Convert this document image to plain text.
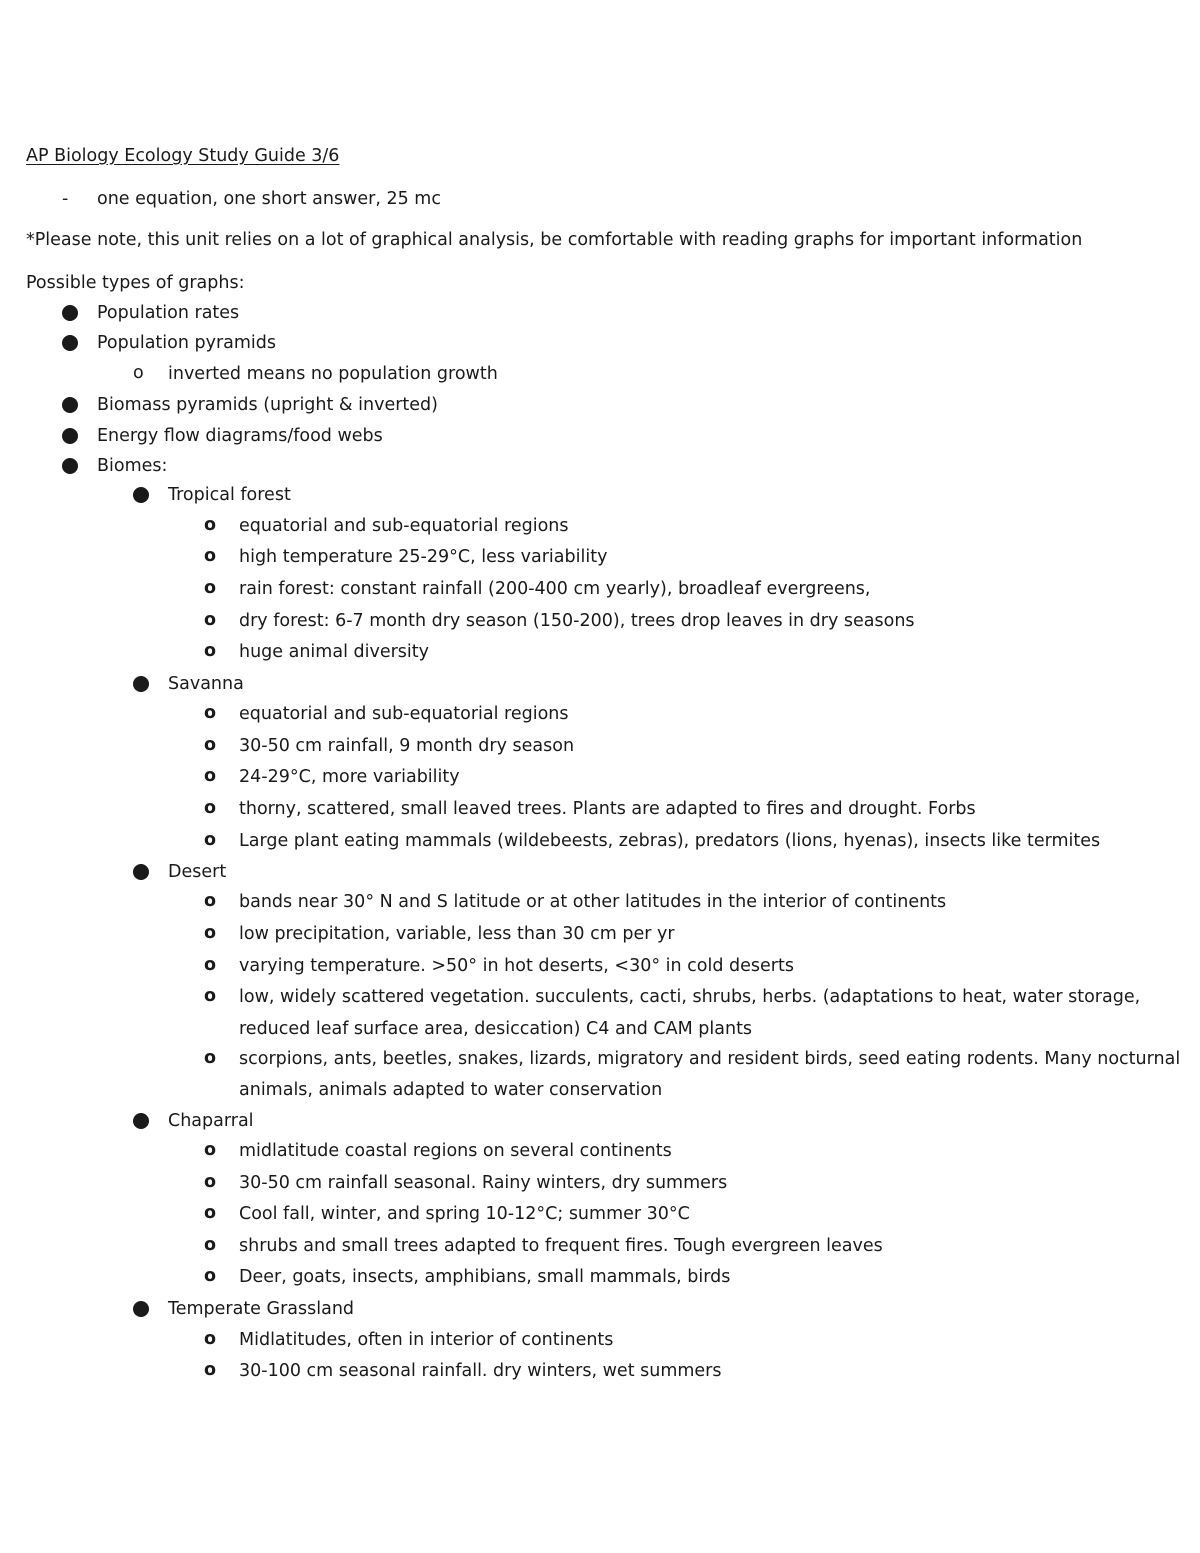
AP Biology Ecology Study Guide 3/6
- one equation, one short answer, 25 mc
*Please note, this unit relies on a lot of graphical analysis, be comfortable with reading graphs for important information
Possible types of graphs:
Population rates
Population pyramids
o inverted means no population growth
Biomass pyramids (upright & inverted)
Energy flow diagrams/food webs
Biomes:
Tropical forest
o equatorial and sub-equatorial regions
o high temperature 25-29°C, less variability
o rain forest: constant rainfall (200-400 cm yearly), broadleaf evergreens,
o dry forest: 6-7 month dry season (150-200), trees drop leaves in dry seasons
o huge animal diversity
Savanna
o equatorial and sub-equatorial regions
o 30-50 cm rainfall, 9 month dry season
o 24-29°C, more variability
o thorny, scattered, small leaved trees. Plants are adapted to fires and drought. Forbs
o Large plant eating mammals (wildebeests, zebras), predators (lions, hyenas), insects like termites
Desert
o bands near 30° N and S latitude or at other latitudes in the interior of continents
o low precipitation, variable, less than 30 cm per yr
o varying temperature. >50° in hot deserts, <30° in cold deserts
o low, widely scattered vegetation. succulents, cacti, shrubs, herbs. (adaptations to heat, water storage,
reduced leaf surface area, desiccation) C4 and CAM plants
o scorpions, ants, beetles, snakes, lizards, migratory and resident birds, seed eating rodents. Many nocturnal
animals, animals adapted to water conservation
Chaparral
o midlatitude coastal regions on several continents
o 30-50 cm rainfall seasonal. Rainy winters, dry summers
o Cool fall, winter, and spring 10-12°C; summer 30°C
o shrubs and small trees adapted to frequent fires. Tough evergreen leaves
o Deer, goats, insects, amphibians, small mammals, birds
Temperate Grassland
o Midlatitudes, often in interior of continents
o 30-100 cm seasonal rainfall. dry winters, wet summers
